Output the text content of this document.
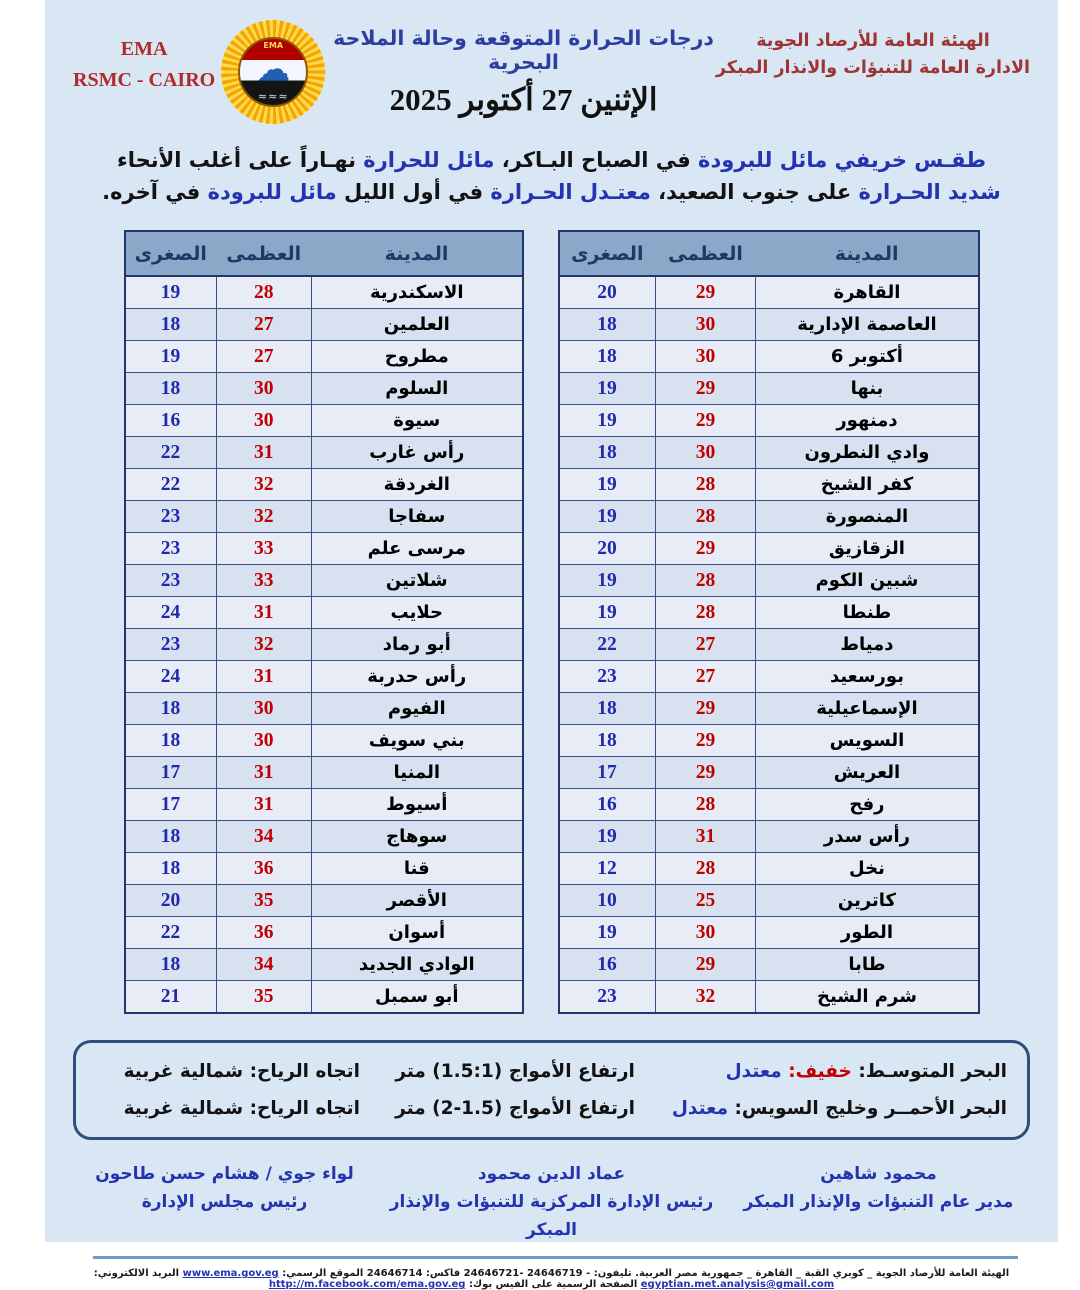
الهيئة العامة للأرصاد الجوية
الادارة العامة للتنبؤات والانذار المبكر
درجات الحرارة المتوقعة وحالة الملاحة البحرية
الإثنين 27 أكتوبر 2025
EMA
☁
≈≈≈
EMA
RSMC - CAIRO
طقـس خريفي مائل للبرودة في الصباح البـاكر، مائل للحرارة نهـاراً على أغلب الأنحاء شديد الحـرارة على جنوب الصعيد، معتـدل الحـرارة في أول الليل مائل للبرودة في آخره.
الصغرى	العظمى	المدينة
20	29	القاهرة
18	30	العاصمة الإدارية
18	30	أكتوبر 6
19	29	بنها
19	29	دمنهور
18	30	وادي النطرون
19	28	كفر الشيخ
19	28	المنصورة
20	29	الزقازيق
19	28	شبين الكوم
19	28	طنطا
22	27	دمياط
23	27	بورسعيد
18	29	الإسماعيلية
18	29	السويس
17	29	العريش
16	28	رفح
19	31	رأس سدر
12	28	نخل
10	25	كاترين
19	30	الطور
16	29	طابا
23	32	شرم الشيخ
الصغرى	العظمى	المدينة
19	28	الاسكندرية
18	27	العلمين
19	27	مطروح
18	30	السلوم
16	30	سيوة
22	31	رأس غارب
22	32	الغردقة
23	32	سفاجا
23	33	مرسى علم
23	33	شلاتين
24	31	حلايب
23	32	أبو رماد
24	31	رأس حدربة
18	30	الفيوم
18	30	بني سويف
17	31	المنيا
17	31	أسيوط
18	34	سوهاج
18	36	قنا
20	35	الأقصر
22	36	أسوان
18	34	الوادي الجديد
21	35	أبو سمبل
البحر المتوسـط: خفيف: معتدل
ارتفاع الأمواج (1.5:1) متر
اتجاه الرياح: شمالية غربية
البحر الأحمــر وخليج السويس: معتدل
ارتفاع الأمواج (2-1.5) متر
اتجاه الرياح: شمالية غربية
محمود شاهين
مدير عام التنبؤات والإنذار المبكر
عماد الدين محمود
رئيس الإدارة المركزية للتنبؤات والإنذار المبكر
لواء جوي / هشام حسن طاحون
رئيس مجلس الإدارة
الهيئة العامة للأرصاد الجوية _ كوبري القبة _ القاهرة _ جمهورية مصر العربية. تليفون: - 24646719 -24646721 فاكس: 24646714 الموقع الرسمي: www.ema.gov.eg البريد الالكتروني: egyptian.met.analysis@gmail.com الصفحة الرسمية على الفيس بوك: http://m.facebook.com/ema.gov.eg
